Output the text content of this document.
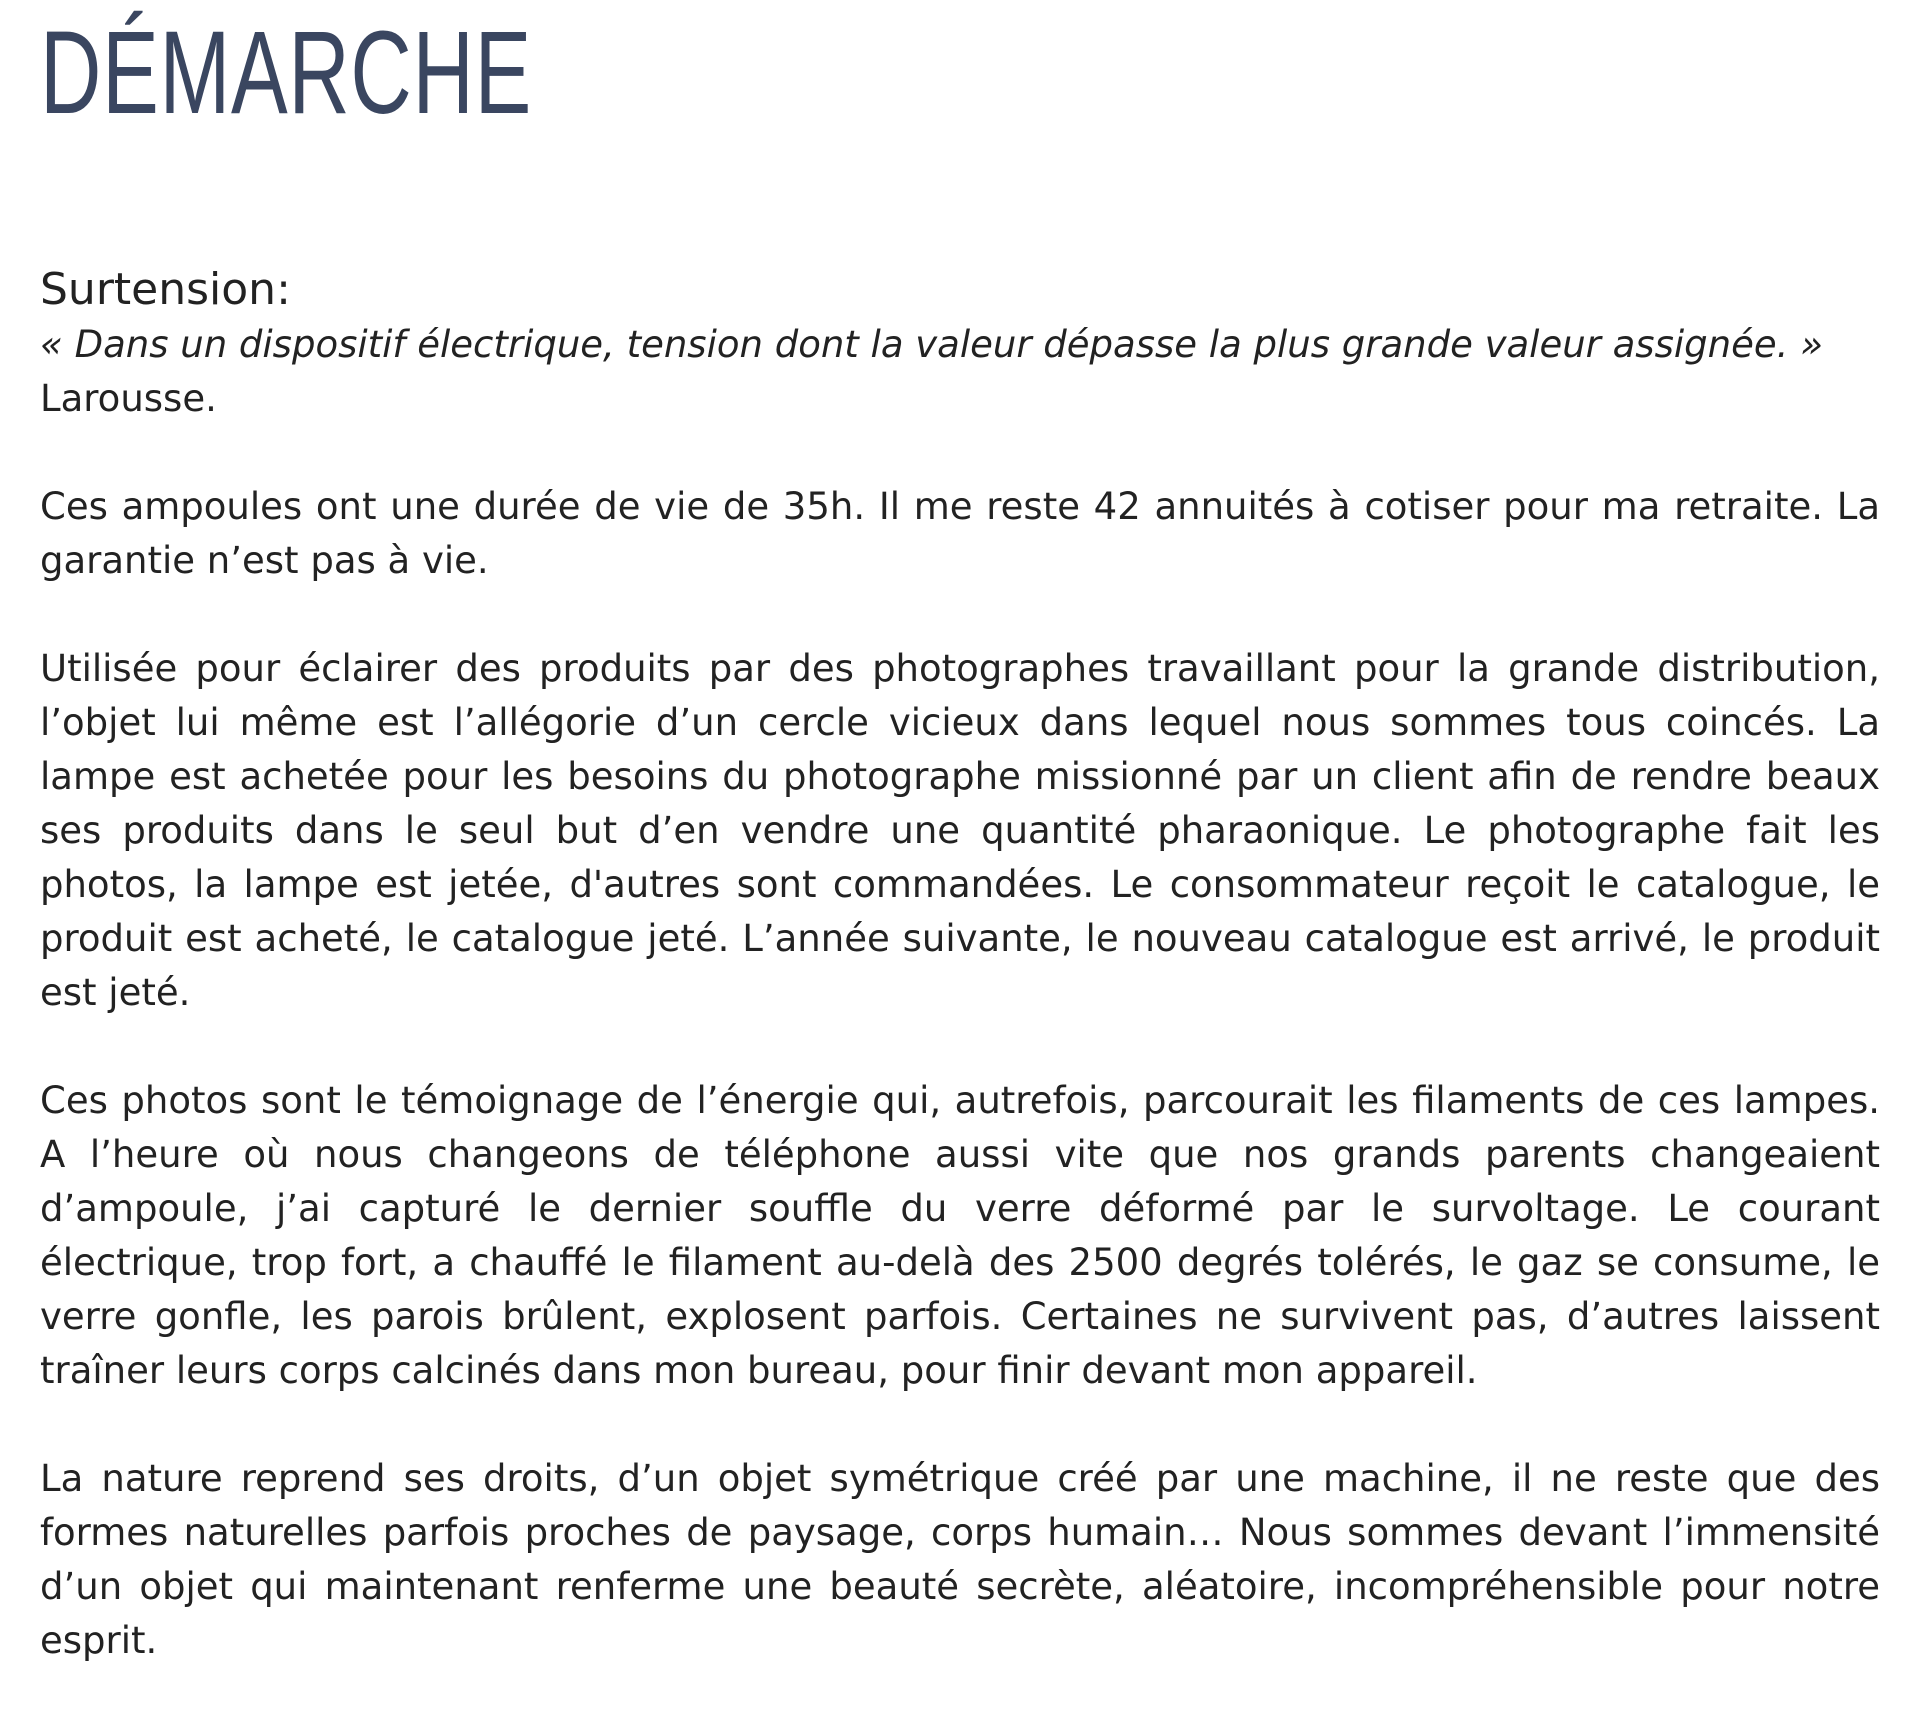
DÉMARCHE

Surtension:
« Dans un dispositif électrique, tension dont la valeur dépasse la plus grande valeur assignée. »
Larousse.

Ces ampoules ont une durée de vie de 35h. Il me reste 42 annuités à cotiser pour ma retraite. La garantie n’est pas à vie.

Utilisée pour éclairer des produits par des photographes travaillant pour la grande distribution, l’objet lui même est l’allégorie d’un cercle vicieux dans lequel nous sommes tous coincés. La lampe est achetée pour les besoins du photographe missionné par un client afin de rendre beaux ses produits dans le seul but d’en vendre une quantité pharaonique. Le photographe fait les photos, la lampe est jetée, d'autres sont commandées. Le consommateur reçoit le catalogue, le produit est acheté, le catalogue jeté. L’année suivante, le nouveau catalogue est arrivé, le produit est jeté.

Ces photos sont le témoignage de l’énergie qui, autrefois, parcourait les filaments de ces lampes. A l’heure où nous changeons de téléphone aussi vite que nos grands parents changeaient d’ampoule, j’ai capturé le dernier souffle du verre déformé par le survoltage. Le courant électrique, trop fort, a chauffé le filament au-delà des 2500 degrés tolérés, le gaz se consume, le verre gonfle, les parois brûlent, explosent parfois. Certaines ne survivent pas, d’autres laissent traîner leurs corps calcinés dans mon bureau, pour finir devant mon appareil.

La nature reprend ses droits, d’un objet symétrique créé par une machine, il ne reste que des formes naturelles parfois proches de paysage, corps humain… Nous sommes devant l’immensité d’un objet qui maintenant renferme une beauté secrète, aléatoire, incompréhensible pour notre esprit.
